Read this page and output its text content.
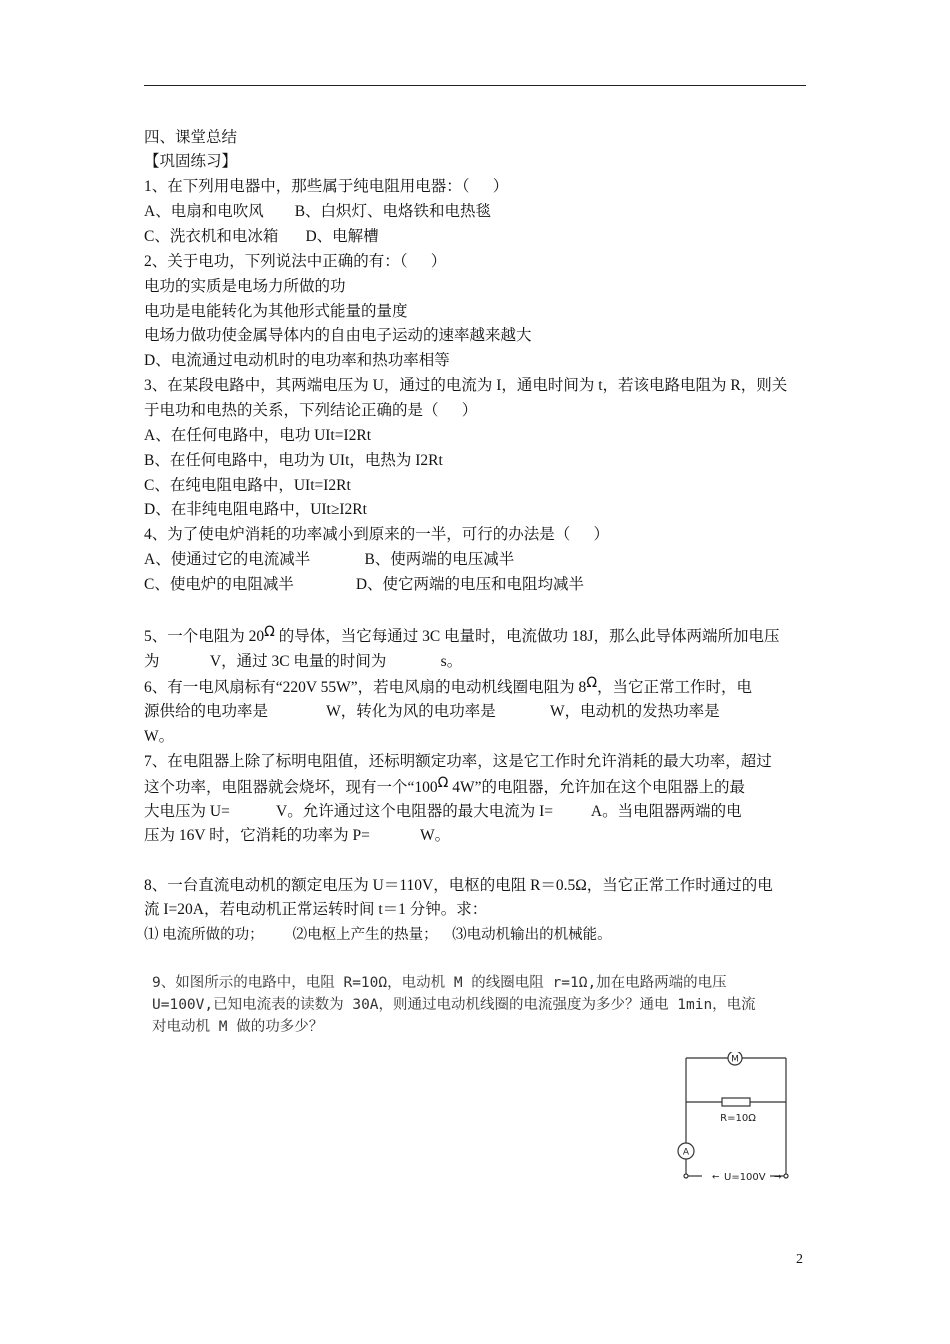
四、课堂总结
【巩固练习】
1、在下列用电器中，那些属于纯电阻用电器：（      ）
A、电扇和电吹风        B、白炽灯、电烙铁和电热毯
C、洗衣机和电冰箱       D、电解槽
2、关于电功，下列说法中正确的有：（      ）
电功的实质是电场力所做的功
电功是电能转化为其他形式能量的量度
电场力做功使金属导体内的自由电子运动的速率越来越大
D、电流通过电动机时的电功率和热功率相等
3、在某段电路中，其两端电压为 U，通过的电流为 I，通电时间为 t，若该电路电阻为 R，则关
于电功和电热的关系，下列结论正确的是（      ）
A、在任何电路中，电功 UIt=I2Rt
B、在任何电路中，电功为 UIt，电热为 I2Rt
C、在纯电阻电路中，UIt=I2Rt
D、在非纯电阻电路中，UIt≥I2Rt
4、为了使电炉消耗的功率减小到原来的一半，可行的办法是（      ）
A、使通过它的电流减半              B、使两端的电压减半
C、使电炉的电阻减半                D、使它两端的电压和电阻均减半
5、一个电阻为 20Ω 的导体，当它每通过 3C 电量时，电流做功 18J，那么此导体两端所加电压
为             V，通过 3C 电量的时间为              s。
6、有一电风扇标有“220V 55W”，若电风扇的电动机线圈电阻为 8Ω，当它正常工作时，电
源供给的电功率是               W，转化为风的电功率是              W，电动机的发热功率是
W。
7、在电阻器上除了标明电阻值，还标明额定功率，这是它工作时允许消耗的最大功率，超过
这个功率，电阻器就会烧坏，现有一个“100Ω 4W”的电阻器，允许加在这个电阻器上的最
大电压为 U=            V。允许通过这个电阻器的最大电流为 I=          A。当电阻器两端的电
压为 16V 时，它消耗的功率为 P=             W。
8、一台直流电动机的额定电压为 U＝110V，电枢的电阻 R＝0.5Ω，当它正常工作时通过的电
流 I=20A，若电动机正常运转时间 t＝1 分钟。求：
⑴ 电流所做的功；        ⑵电枢上产生的热量；    ⑶电动机输出的机械能。
9、如图所示的电路中，电阻 R=10Ω，电动机 M 的线圈电阻 r=1Ω,加在电路两端的电压
U=100V,已知电流表的读数为 30A，则通过电动机线圈的电流强度为多少？通电 1min，电流
对电动机 M 做的功多少？
M
A
R=10Ω
← U=100V →
2
